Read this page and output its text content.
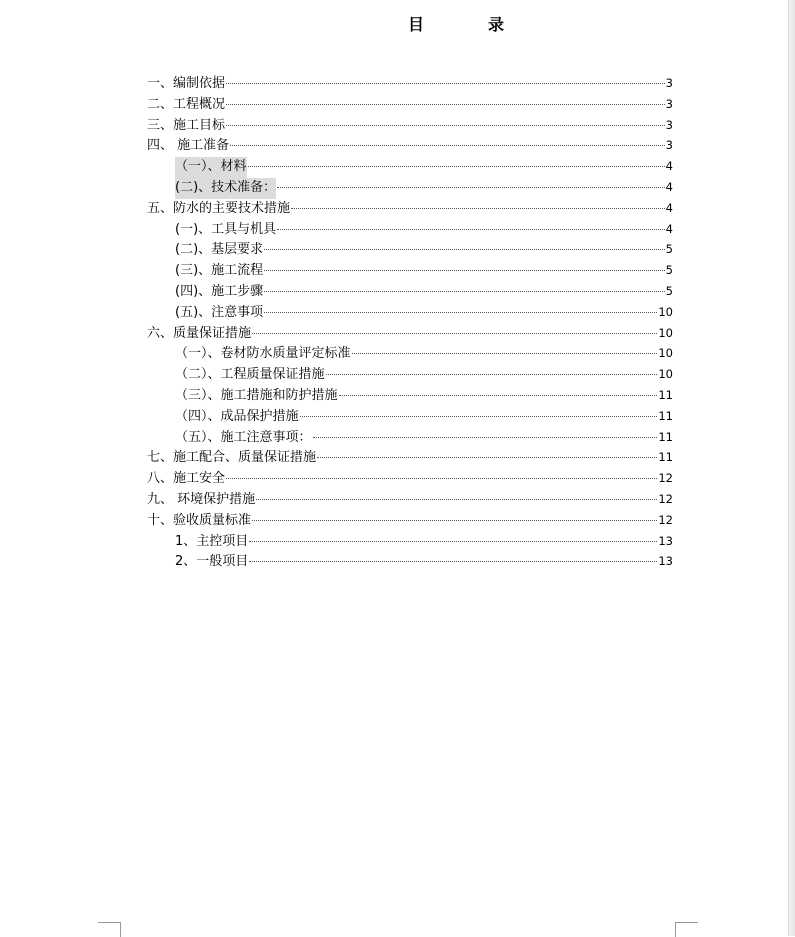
目	录
一、编制依据	3
二、工程概况	3
三、施工目标	3
四、 施工准备	3
（一）、材料	4
(二)、技术准备：	4
五、防水的主要技术措施	4
(一)、工具与机具	4
(二)、基层要求	5
(三)、施工流程	5
(四)、施工步骤	5
(五)、注意事项	10
六、质量保证措施	10
（一）、卷材防水质量评定标准	10
（二）、工程质量保证措施	10
（三）、施工措施和防护措施	11
（四）、成品保护措施	11
（五）、施工注意事项：	11
七、施工配合、质量保证措施	11
八、施工安全	12
九、 环境保护措施	12
十、验收质量标准	12
1、主控项目	13
2、一般项目	13
